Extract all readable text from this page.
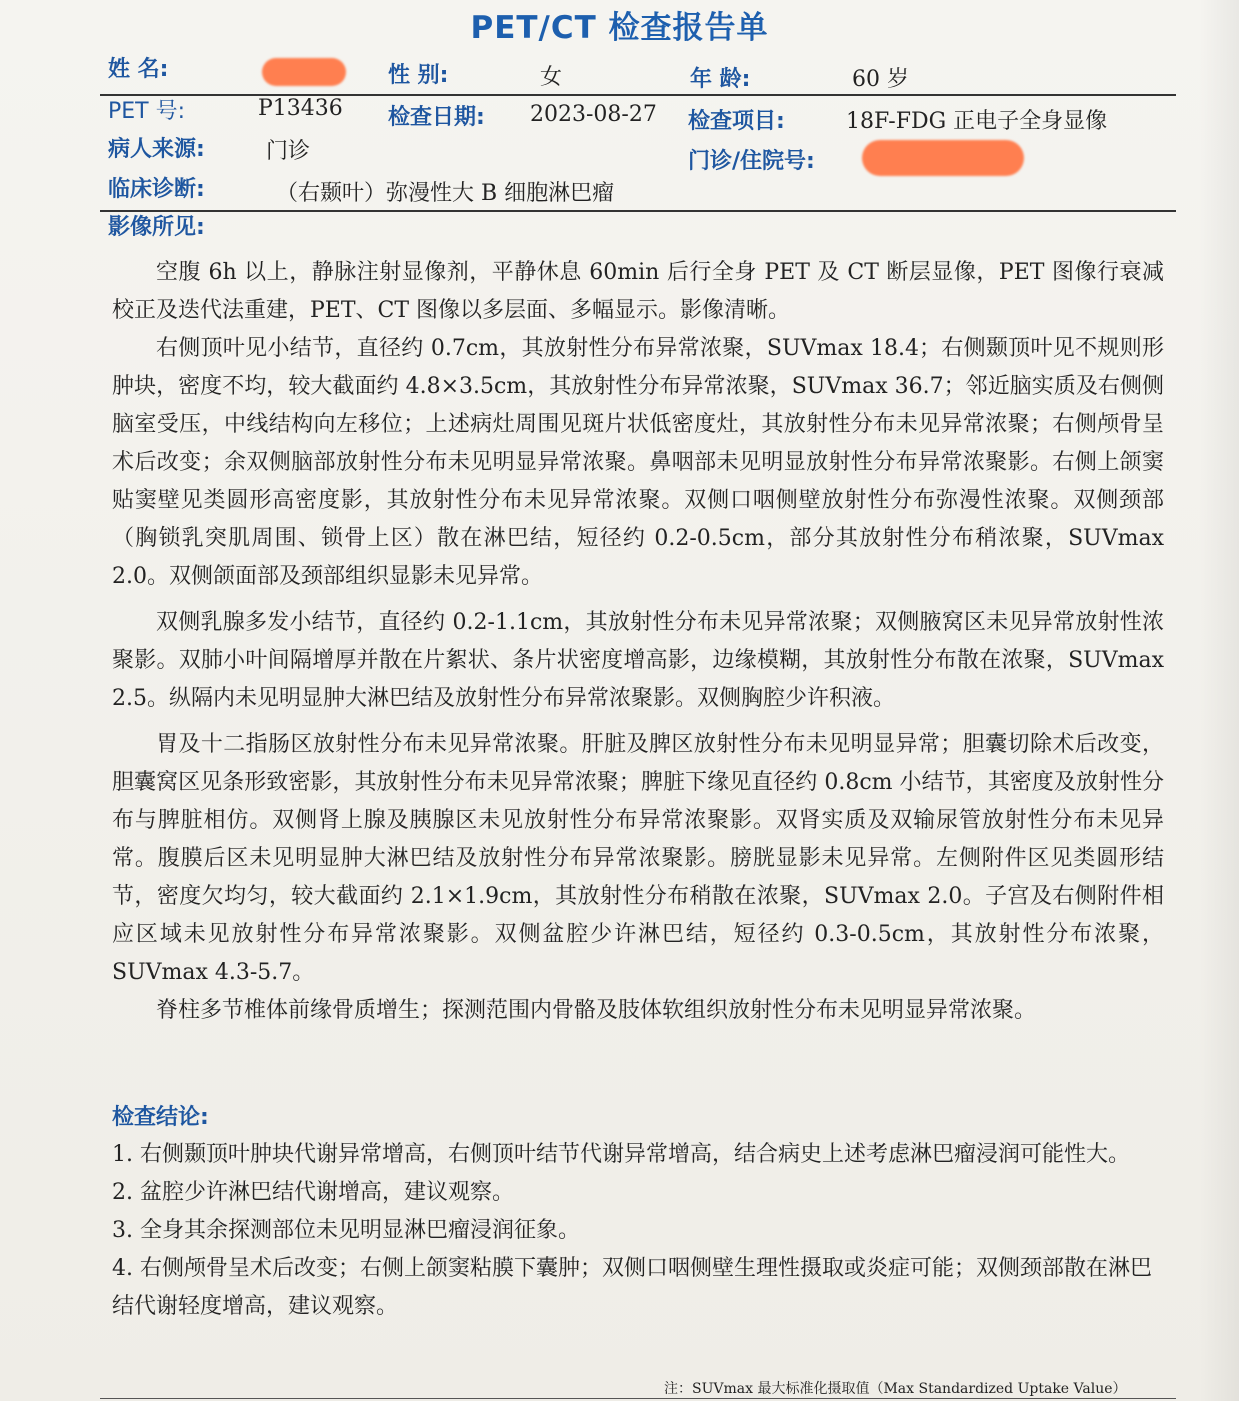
PET/CT 检查报告单
姓 名:	性 别:	女	年 龄:	60 岁
PET 号:	P13436 检查日期: 2023-08-27 检查项目:	18F-FDG 正电子全身显像
病人来源:	门诊	门诊/住院号:
临床诊断:	（右颞叶）弥漫性大 B 细胞淋巴瘤
影像所见:

空腹 6h 以上，静脉注射显像剂，平静休息 60min 后行全身 PET 及 CT 断层显像，PET 图像行衰减校正及迭代法重建，PET、CT 图像以多层面、多幅显示。影像清晰。

右侧顶叶见小结节，直径约 0.7cm，其放射性分布异常浓聚，SUVmax 18.4；右侧颞顶叶见不规则形肿块，密度不均，较大截面约 4.8×3.5cm，其放射性分布异常浓聚，SUVmax 36.7；邻近脑实质及右侧侧脑室受压，中线结构向左移位；上述病灶周围见斑片状低密度灶，其放射性分布未见异常浓聚；右侧颅骨呈术后改变；余双侧脑部放射性分布未见明显异常浓聚。鼻咽部未见明显放射性分布异常浓聚影。右侧上颌窦贴窦壁见类圆形高密度影，其放射性分布未见异常浓聚。双侧口咽侧壁放射性分布弥漫性浓聚。双侧颈部（胸锁乳突肌周围、锁骨上区）散在淋巴结，短径约 0.2-0.5cm，部分其放射性分布稍浓聚，SUVmax 2.0。双侧颌面部及颈部组织显影未见异常。

双侧乳腺多发小结节，直径约 0.2-1.1cm，其放射性分布未见异常浓聚；双侧腋窝区未见异常放射性浓聚影。双肺小叶间隔增厚并散在片絮状、条片状密度增高影，边缘模糊，其放射性分布散在浓聚，SUVmax 2.5。纵隔内未见明显肿大淋巴结及放射性分布异常浓聚影。双侧胸腔少许积液。

胃及十二指肠区放射性分布未见异常浓聚。肝脏及脾区放射性分布未见明显异常；胆囊切除术后改变，胆囊窝区见条形致密影，其放射性分布未见异常浓聚；脾脏下缘见直径约 0.8cm 小结节，其密度及放射性分布与脾脏相仿。双侧肾上腺及胰腺区未见放射性分布异常浓聚影。双肾实质及双输尿管放射性分布未见异常。腹膜后区未见明显肿大淋巴结及放射性分布异常浓聚影。膀胱显影未见异常。左侧附件区见类圆形结节，密度欠均匀，较大截面约 2.1×1.9cm，其放射性分布稍散在浓聚，SUVmax 2.0。子宫及右侧附件相应区域未见放射性分布异常浓聚影。双侧盆腔少许淋巴结，短径约 0.3-0.5cm，其放射性分布浓聚，SUVmax 4.3-5.7。

脊柱多节椎体前缘骨质增生；探测范围内骨骼及肢体软组织放射性分布未见明显异常浓聚。

检查结论:

1. 右侧颞顶叶肿块代谢异常增高，右侧顶叶结节代谢异常增高，结合病史上述考虑淋巴瘤浸润可能性大。

2. 盆腔少许淋巴结代谢增高，建议观察。

3. 全身其余探测部位未见明显淋巴瘤浸润征象。

4. 右侧颅骨呈术后改变；右侧上颌窦粘膜下囊肿；双侧口咽侧壁生理性摄取或炎症可能；双侧颈部散在淋巴结代谢轻度增高，建议观察。

注：SUVmax 最大标准化摄取值（Max Standardized Uptake Value）
